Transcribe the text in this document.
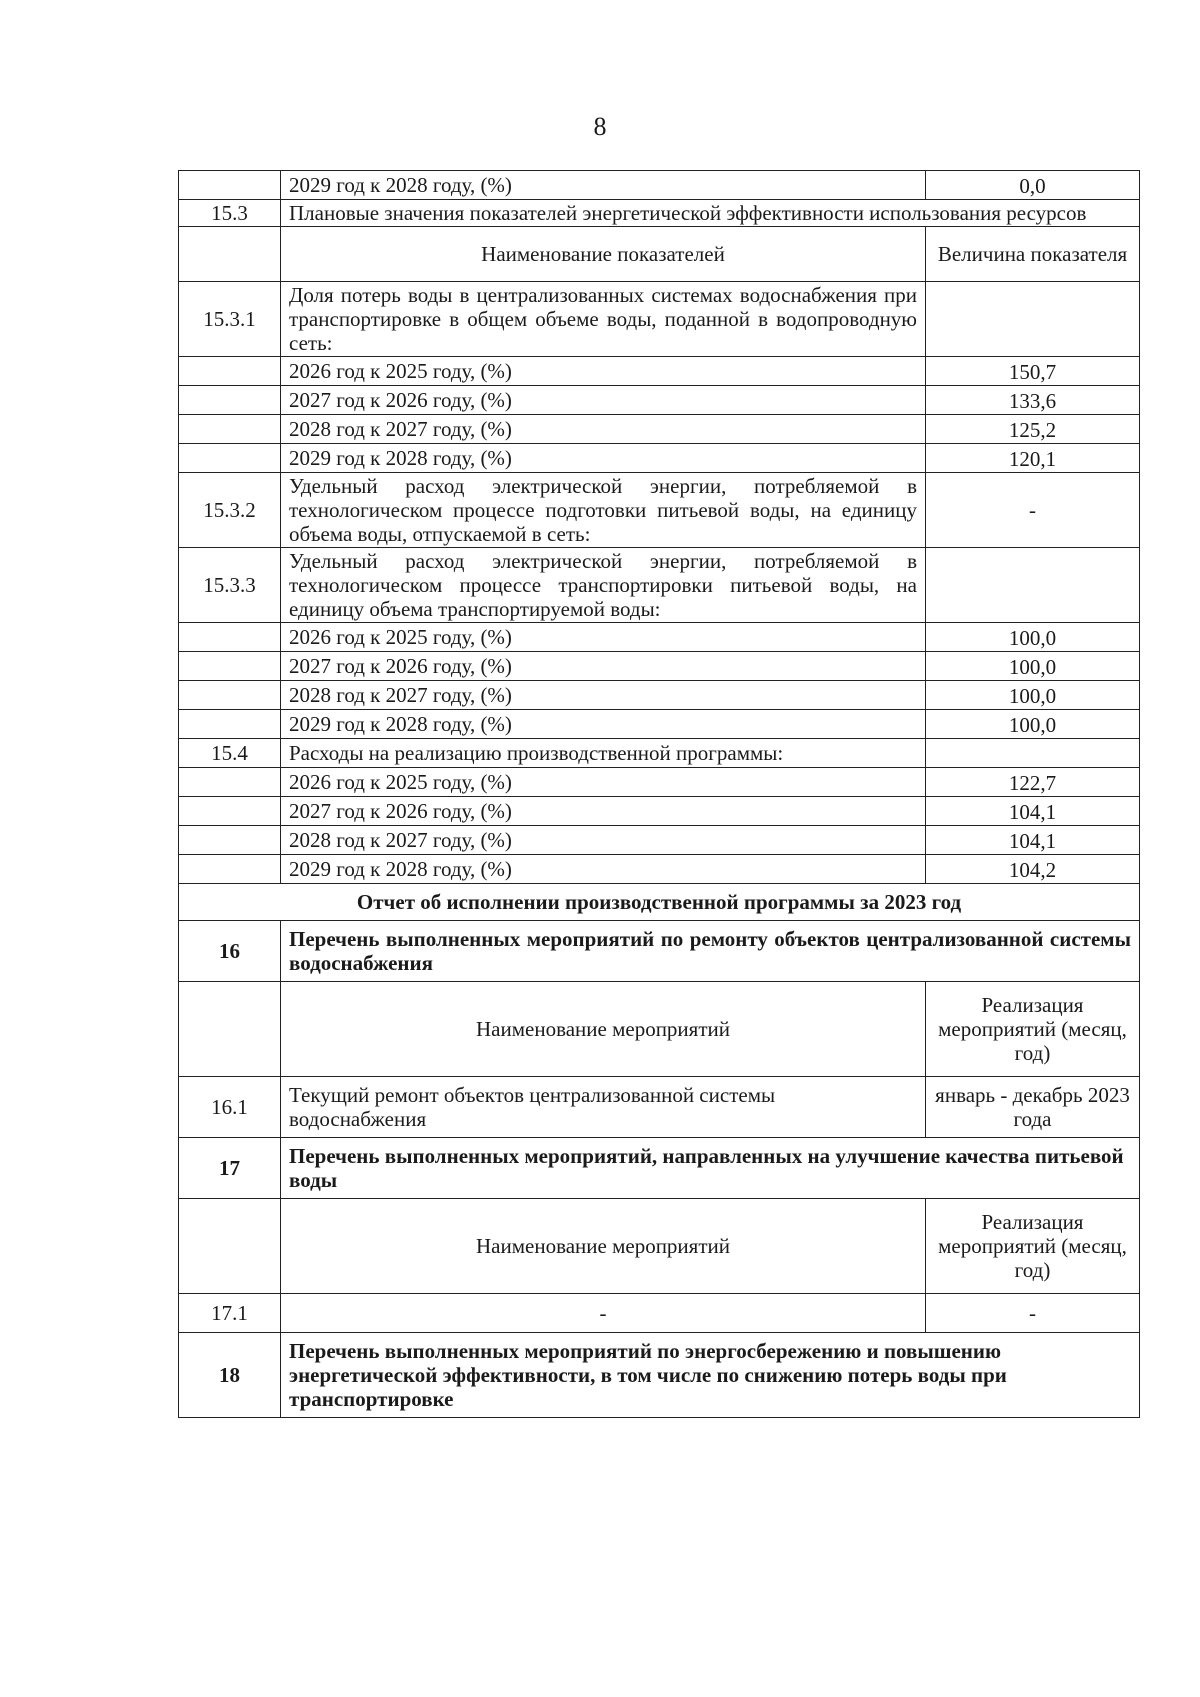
8
	2029 год к 2028 году, (%)	0,0
15.3	Плановые значения показателей энергетической эффективности использования ресурсов	
	Наименование показателей	Величина показателя
15.3.1	Доля потерь воды в централизованных системах водоснабжения при транспортировке в общем объеме воды, поданной в водопроводную сеть:	
	2026 год к 2025 году, (%)	150,7
	2027 год к 2026 году, (%)	133,6
	2028 год к 2027 году, (%)	125,2
	2029 год к 2028 году, (%)	120,1
15.3.2	Удельный расход электрической энергии, потребляемой в технологическом процессе подготовки питьевой воды, на единицу объема воды, отпускаемой в сеть:	-
15.3.3	Удельный расход электрической энергии, потребляемой в технологическом процессе транспортировки питьевой воды, на единицу объема транспортируемой воды:	
	2026 год к 2025 году, (%)	100,0
	2027 год к 2026 году, (%)	100,0
	2028 год к 2027 году, (%)	100,0
	2029 год к 2028 году, (%)	100,0
15.4	Расходы на реализацию производственной программы:	
	2026 год к 2025 году, (%)	122,7
	2027 год к 2026 году, (%)	104,1
	2028 год к 2027 году, (%)	104,1
	2029 год к 2028 году, (%)	104,2
Отчет об исполнении производственной программы за 2023 год		
16	Перечень выполненных мероприятий по ремонту объектов централизованной системы водоснабжения	
	Наименование мероприятий	Реализация мероприятий (месяц, год)
16.1	Текущий ремонт объектов централизованной системы водоснабжения	январь - декабрь 2023 года
17	Перечень выполненных мероприятий, направленных на улучшение качества питьевой воды	
	Наименование мероприятий	Реализация мероприятий (месяц, год)
17.1	-	-
18	Перечень выполненных мероприятий по энергосбережению и повышению энергетической эффективности, в том числе по снижению потерь воды при транспортировке	
